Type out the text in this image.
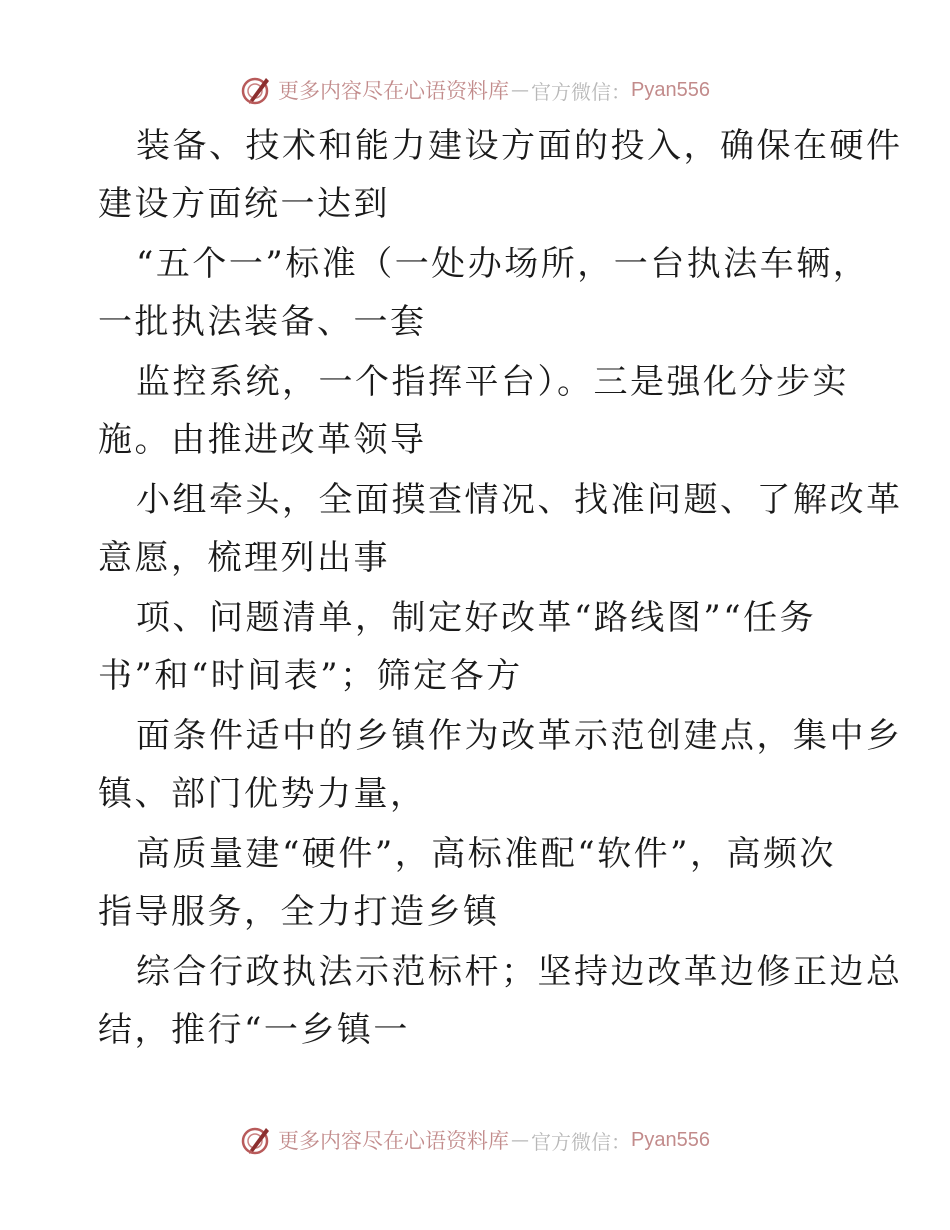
更多内容尽在心语资料库 — 官方微信： Pyan556
装备、技术和能力建设方面的投入，确保在硬件
建设方面统一达到
“五个一”标准（一处办场所，一台执法车辆，
一批执法装备、一套
监控系统，一个指挥平台）。三是强化分步实
施。由推进改革领导
小组牵头，全面摸查情况、找准问题、了解改革
意愿，梳理列出事
项、问题清单，制定好改革“路线图”“任务
书”和“时间表”；筛定各方
面条件适中的乡镇作为改革示范创建点，集中乡
镇、部门优势力量，
高质量建“硬件”，高标准配“软件”，高频次
指导服务，全力打造乡镇
综合行政执法示范标杆；坚持边改革边修正边总
结，推行“一乡镇一
更多内容尽在心语资料库 — 官方微信： Pyan556
